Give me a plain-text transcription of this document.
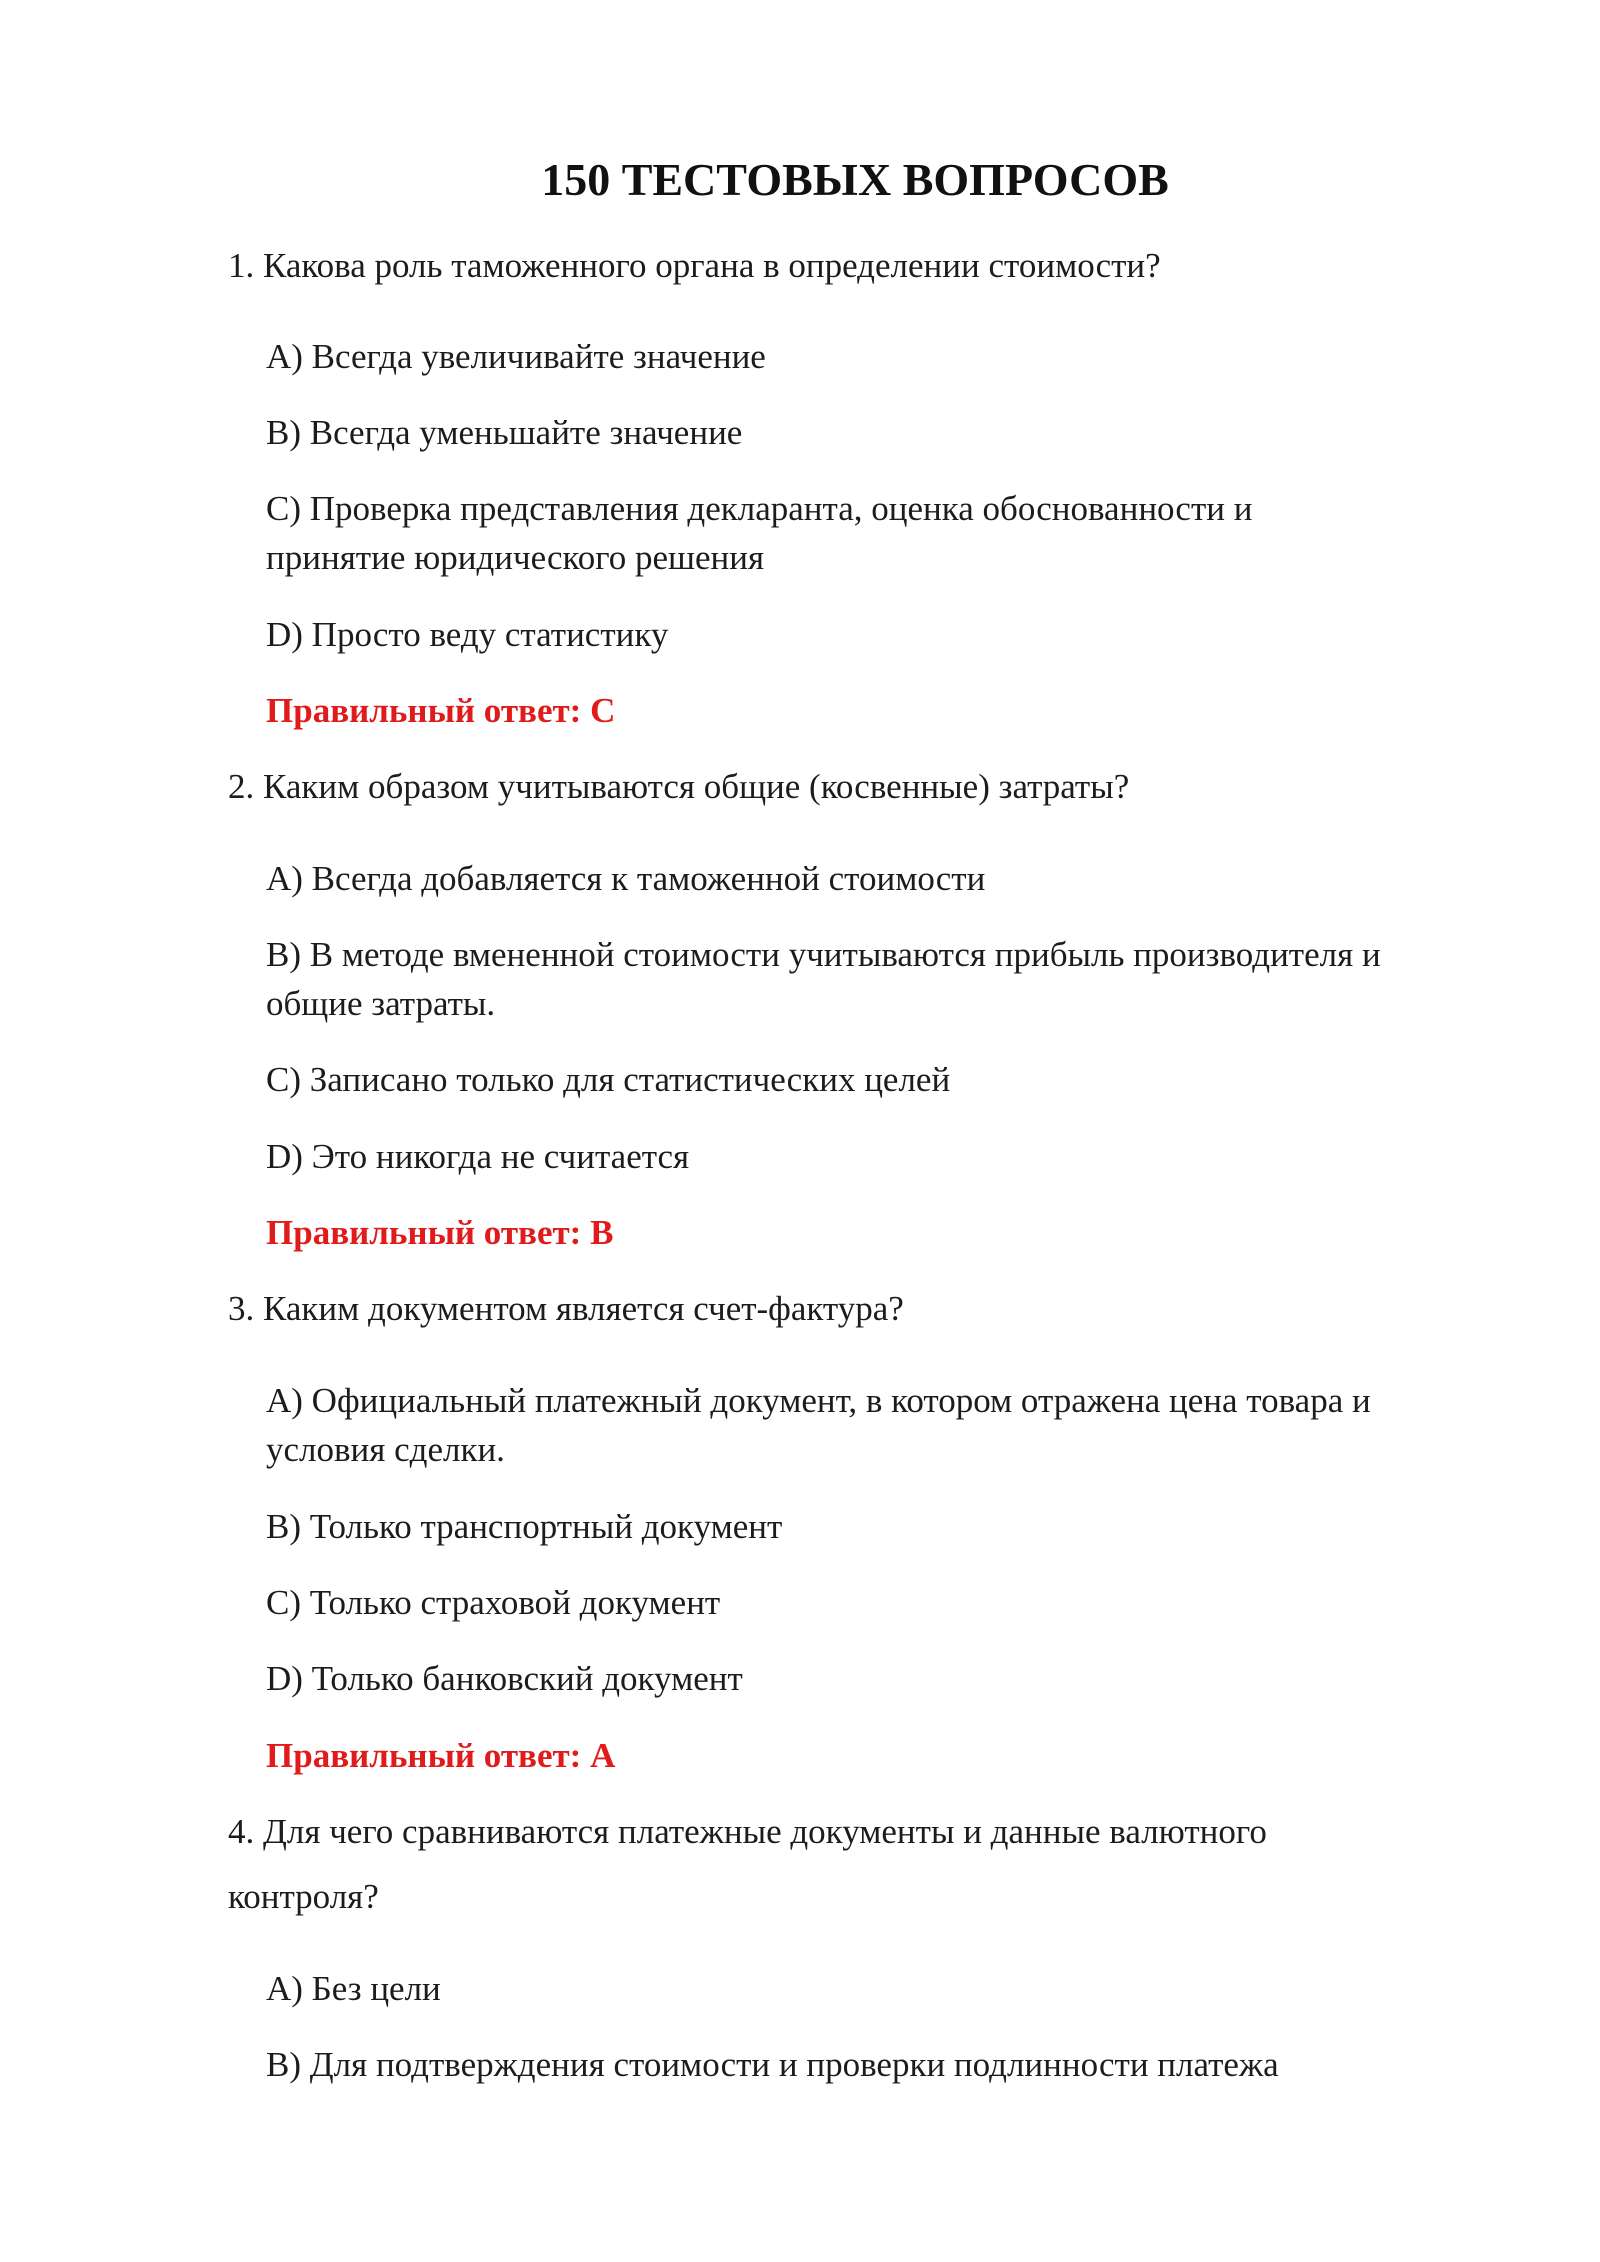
150 ТЕСТОВЫХ ВОПРОСОВ
1. Какова роль таможенного органа в определении стоимости?
A) Всегда увеличивайте значение
B) Всегда уменьшайте значение
C) Проверка представления декларанта, оценка обоснованности и
принятие юридического решения
D) Просто веду статистику
Правильный ответ: C
2. Каким образом учитываются общие (косвенные) затраты?
A) Всегда добавляется к таможенной стоимости
B) В методе вмененной стоимости учитываются прибыль производителя и
общие затраты.
C) Записано только для статистических целей
D) Это никогда не считается
Правильный ответ: B
3. Каким документом является счет-фактура?
A) Официальный платежный документ, в котором отражена цена товара и
условия сделки.
B) Только транспортный документ
C) Только страховой документ
D) Только банковский документ
Правильный ответ: A
4. Для чего сравниваются платежные документы и данные валютного
контроля?
A) Без цели
B) Для подтверждения стоимости и проверки подлинности платежа
